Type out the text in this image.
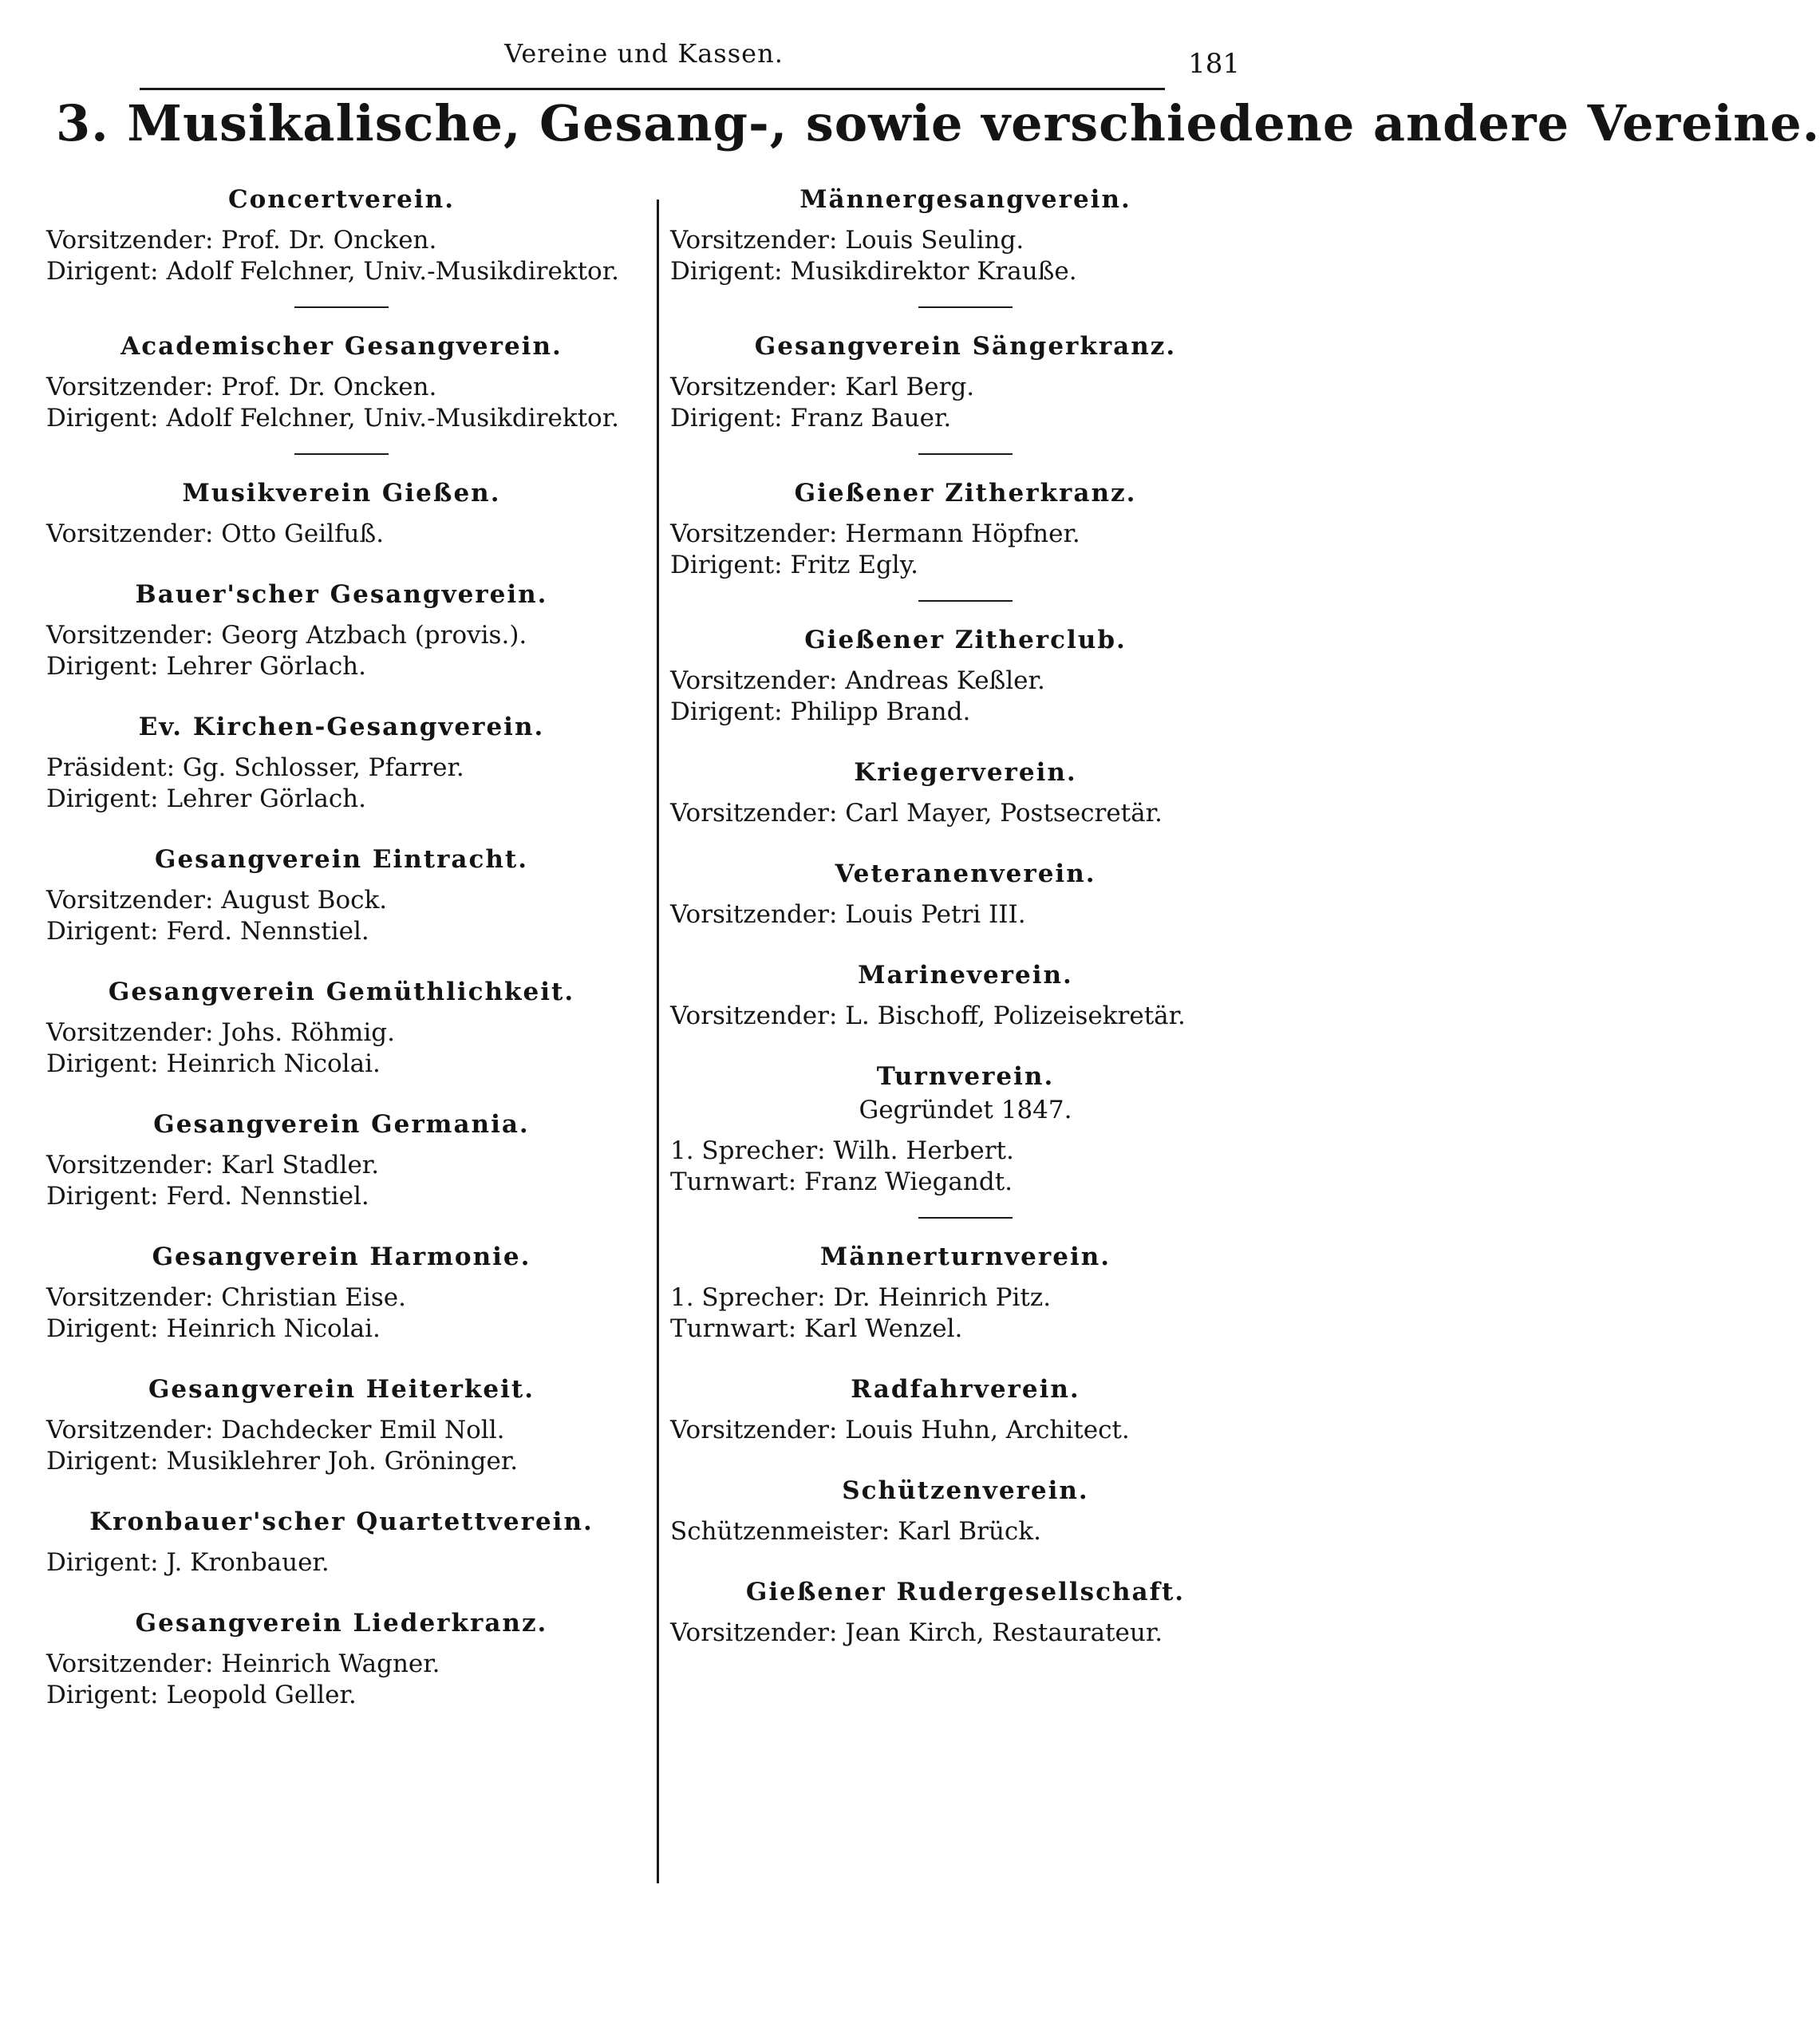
Vereine und Kassen.	181
3. Musikalische, Gesang-, sowie verschiedene andere Vereine.
Concertverein.
Vorsitzender: Prof. Dr. Oncken.
Dirigent: Adolf Felchner, Univ.-Musikdirektor.
Academischer Gesangverein.
Vorsitzender: Prof. Dr. Oncken.
Dirigent: Adolf Felchner, Univ.-Musikdirektor.
Musikverein Gießen.
Vorsitzender: Otto Geilfuß.
Bauer'scher Gesangverein.
Vorsitzender: Georg Atzbach (provis.).
Dirigent: Lehrer Görlach.
Ev. Kirchen-Gesangverein.
Präsident: Gg. Schlosser, Pfarrer.
Dirigent: Lehrer Görlach.
Gesangverein Eintracht.
Vorsitzender: August Bock.
Dirigent: Ferd. Nennstiel.
Gesangverein Gemüthlichkeit.
Vorsitzender: Johs. Röhmig.
Dirigent: Heinrich Nicolai.
Gesangverein Germania.
Vorsitzender: Karl Stadler.
Dirigent: Ferd. Nennstiel.
Gesangverein Harmonie.
Vorsitzender: Christian Eise.
Dirigent: Heinrich Nicolai.
Gesangverein Heiterkeit.
Vorsitzender: Dachdecker Emil Noll.
Dirigent: Musiklehrer Joh. Gröninger.
Kronbauer'scher Quartettverein.
Dirigent: J. Kronbauer.
Gesangverein Liederkranz.
Vorsitzender: Heinrich Wagner.
Dirigent: Leopold Geller.
Männergesangverein.
Vorsitzender: Louis Seuling.
Dirigent: Musikdirektor Krauße.
Gesangverein Sängerkranz.
Vorsitzender: Karl Berg.
Dirigent: Franz Bauer.
Gießener Zitherkranz.
Vorsitzender: Hermann Höpfner.
Dirigent: Fritz Egly.
Gießener Zitherclub.
Vorsitzender: Andreas Keßler.
Dirigent: Philipp Brand.
Kriegerverein.
Vorsitzender: Carl Mayer, Postsecretär.
Veteranenverein.
Vorsitzender: Louis Petri III.
Marineverein.
Vorsitzender: L. Bischoff, Polizeisekretär.
Turnverein.
Gegründet 1847.
1. Sprecher: Wilh. Herbert.
Turnwart: Franz Wiegandt.
Männerturnverein.
1. Sprecher: Dr. Heinrich Pitz.
Turnwart: Karl Wenzel.
Radfahrverein.
Vorsitzender: Louis Huhn, Architect.
Schützenverein.
Schützenmeister: Karl Brück.
Gießener Rudergesellschaft.
Vorsitzender: Jean Kirch, Restaurateur.
